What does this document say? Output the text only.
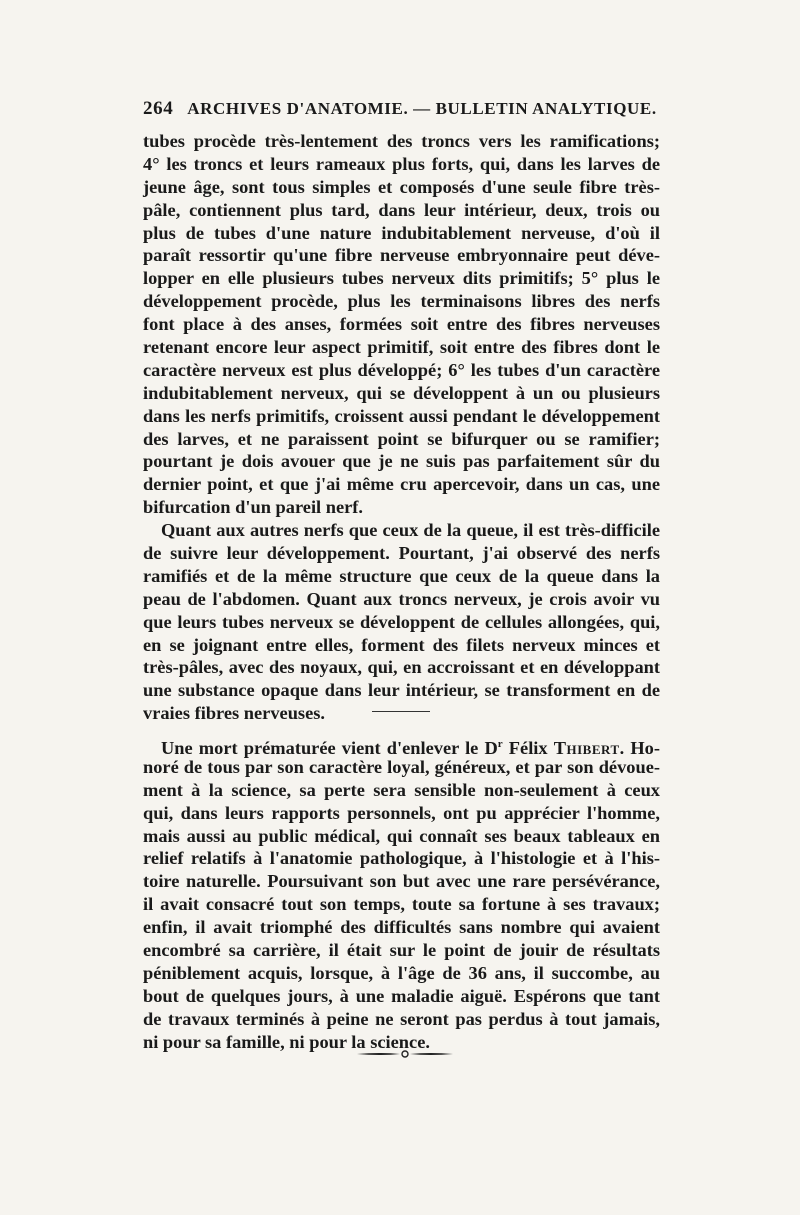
264 ARCHIVES D'ANATOMIE. — BULLETIN ANALYTIQUE.
tubes procède très-lentement des troncs vers les ramifications;
4° les troncs et leurs rameaux plus forts, qui, dans les larves de
jeune âge, sont tous simples et composés d'une seule fibre très-
pâle, contiennent plus tard, dans leur intérieur, deux, trois ou
plus de tubes d'une nature indubitablement nerveuse, d'où il
paraît ressortir qu'une fibre nerveuse embryonnaire peut déve-
lopper en elle plusieurs tubes nerveux dits primitifs; 5° plus le
développement procède, plus les terminaisons libres des nerfs
font place à des anses, formées soit entre des fibres nerveuses
retenant encore leur aspect primitif, soit entre des fibres dont le
caractère nerveux est plus développé; 6° les tubes d'un caractère
indubitablement nerveux, qui se développent à un ou plusieurs
dans les nerfs primitifs, croissent aussi pendant le développement
des larves, et ne paraissent point se bifurquer ou se ramifier;
pourtant je dois avouer que je ne suis pas parfaitement sûr du
dernier point, et que j'ai même cru apercevoir, dans un cas, une
bifurcation d'un pareil nerf.
Quant aux autres nerfs que ceux de la queue, il est très-difficile
de suivre leur développement. Pourtant, j'ai observé des nerfs
ramifiés et de la même structure que ceux de la queue dans la
peau de l'abdomen. Quant aux troncs nerveux, je crois avoir vu
que leurs tubes nerveux se développent de cellules allongées, qui,
en se joignant entre elles, forment des filets nerveux minces et
très-pâles, avec des noyaux, qui, en accroissant et en développant
une substance opaque dans leur intérieur, se transforment en de
vraies fibres nerveuses.
Une mort prématurée vient d'enlever le $D^r$ Félix Thibert. Ho-
noré de tous par son caractère loyal, généreux, et par son dévoue-
ment à la science, sa perte sera sensible non-seulement à ceux
qui, dans leurs rapports personnels, ont pu apprécier l'homme,
mais aussi au public médical, qui connaît ses beaux tableaux en
relief relatifs à l'anatomie pathologique, à l'histologie et à l'his-
toire naturelle. Poursuivant son but avec une rare persévérance,
il avait consacré tout son temps, toute sa fortune à ses travaux;
enfin, il avait triomphé des difficultés sans nombre qui avaient
encombré sa carrière, il était sur le point de jouir de résultats
péniblement acquis, lorsque, à l'âge de 36 ans, il succombe, au
bout de quelques jours, à une maladie aiguë. Espérons que tant
de travaux terminés à peine ne seront pas perdus à tout jamais,
ni pour sa famille, ni pour la science.
